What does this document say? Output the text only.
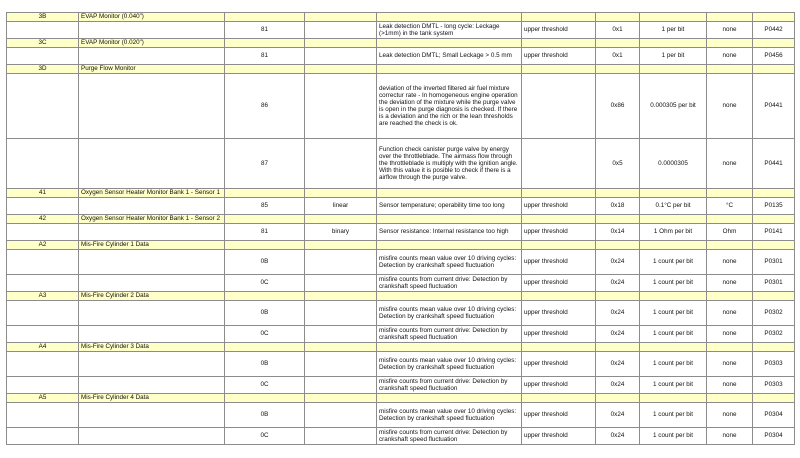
3B	EVAP Monitor (0.040")								
		81		Leak detection DMTL - long cycle: Leckage (>1mm) in the tank system	upper threshold	0x1	1 per bit	none	P0442
3C	EVAP Monitor (0.020")								
		81		Leak detection DMTL; Small Leckage > 0.5 mm	upper threshold	0x1	1 per bit	none	P0456
3D	Purge Flow Monitor								
		86		deviation of the inverted filtered air fuel mixture correctur rate - In homogeneous engine operation the deviation of the mixture while the purge valve is open in the purge diagnosis is checked. If there is a deviation and the rich or the lean thresholds are reached the check is ok.		0x86	0.000305 per bit	none	P0441
		87		Function check canister purge valve by energy over the throttleblade. The airmass flow through the throttleblade is multiply with the ignition angle. With this value it is posible to check if there is a airflow through the purge valve.		0x5	0.0000305	none	P0441
41	Oxygen Sensor Heater Monitor Bank 1 - Sensor 1								
		85	linear	Sensor temperature; operability time too long	upper threshold	0x18	0.1°C per bit	°C	P0135
42	Oxygen Sensor Heater Monitor Bank 1 - Sensor 2								
		81	binary	Sensor resistance: Internal resistance too high	upper threshold	0x14	1 Ohm per bit	Ohm	P0141
A2	Mis-Fire Cylinder 1 Data								
		0B		misfire counts mean value over 10 driving cycles: Detection by crankshaft speed fluctuation	upper threshold	0x24	1 count per bit	none	P0301
		0C		misfire counts from current drive: Detection by crankshaft speed fluctuation	upper threshold	0x24	1 count per bit	none	P0301
A3	Mis-Fire Cylinder 2 Data								
		0B		misfire counts mean value over 10 driving cycles: Detection by crankshaft speed fluctuation	upper threshold	0x24	1 count per bit	none	P0302
		0C		misfire counts from current drive: Detection by crankshaft speed fluctuation	upper threshold	0x24	1 count per bit	none	P0302
A4	Mis-Fire Cylinder 3 Data								
		0B		misfire counts mean value over 10 driving cycles: Detection by crankshaft speed fluctuation	upper threshold	0x24	1 count per bit	none	P0303
		0C		misfire counts from current drive: Detection by crankshaft speed fluctuation	upper threshold	0x24	1 count per bit	none	P0303
A5	Mis-Fire Cylinder 4 Data								
		0B		misfire counts mean value over 10 driving cycles: Detection by crankshaft speed fluctuation	upper threshold	0x24	1 count per bit	none	P0304
		0C		misfire counts from current drive: Detection by crankshaft speed fluctuation	upper threshold	0x24	1 count per bit	none	P0304
